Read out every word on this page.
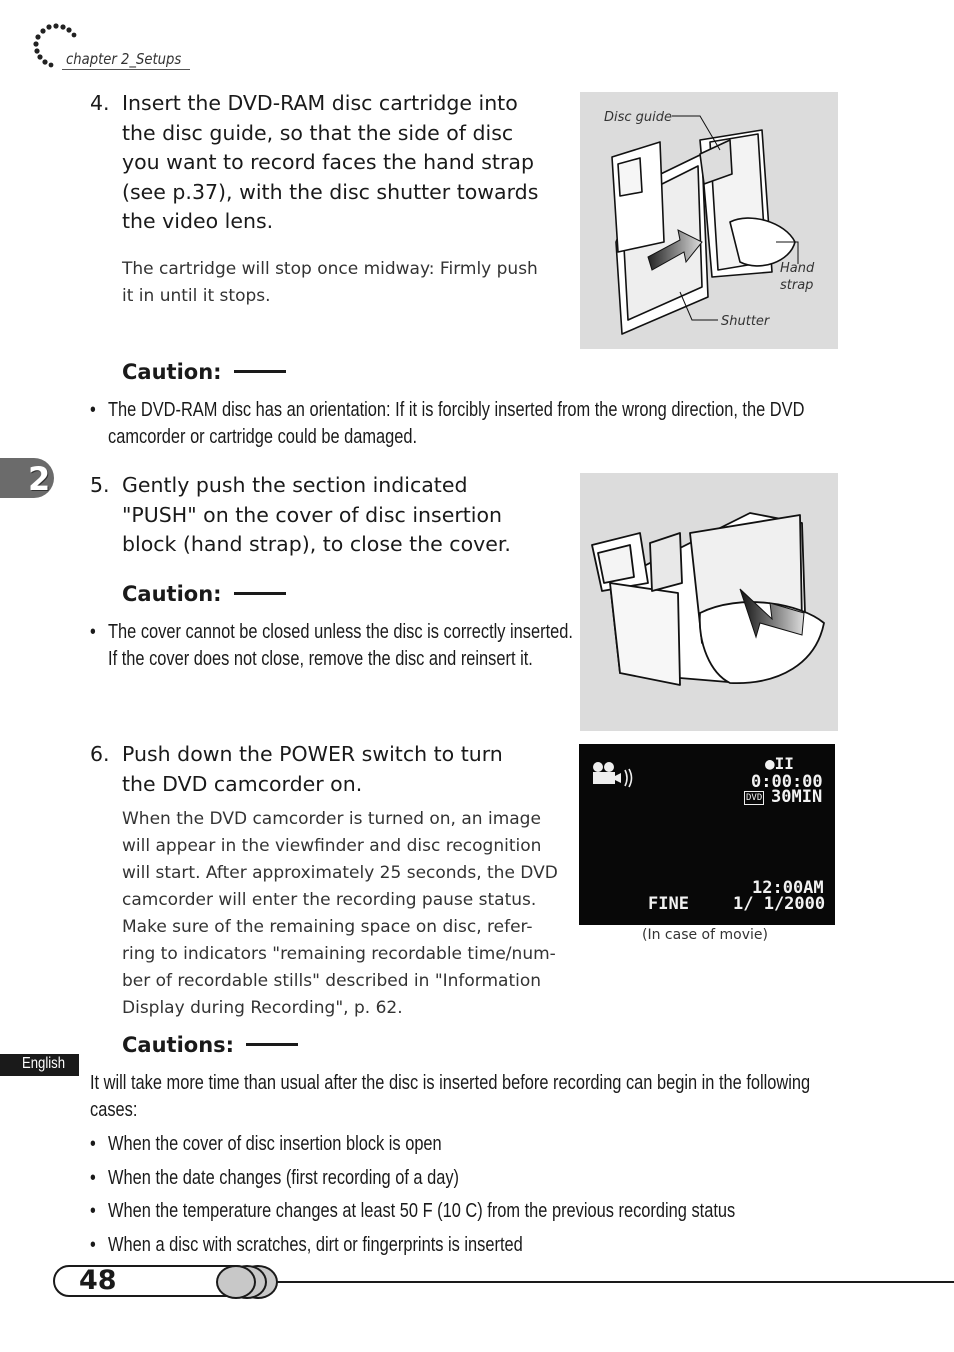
chapter 2_Setups
2
4. Insert the DVD-RAM disc cartridge into
the disc guide, so that the side of disc
you want to record faces the hand strap
(see p.37), with the disc shutter towards
the video lens.
The cartridge will stop once midway: Firmly push
it in until it stops.
Disc guide
Hand
strap
Shutter
Caution:
• The DVD-RAM disc has an orientation: If it is forcibly inserted from the wrong direction, the DVD
camcorder or cartridge could be damaged.
5. Gently push the section indicated
"PUSH" on the cover of disc insertion
block (hand strap), to close the cover.
Caution:
• The cover cannot be closed unless the disc is correctly inserted.
If the cover does not close, remove the disc and reinsert it.
6. Push down the POWER switch to turn
the DVD camcorder on.
When the DVD camcorder is turned on, an image
will appear in the viewfinder and disc recognition
will start. After approximately 25 seconds, the DVD
camcorder will enter the recording pause status.
Make sure of the remaining space on disc, refer-
ring to indicators "remaining recordable time/num-
ber of recordable stills" described in "Information
Display during Recording", p. 62.
●II
0:00:00
DVD 30MIN
FINE
12:00AM
1/ 1/2000
(In case of movie)
English
Cautions:
It will take more time than usual after the disc is inserted before recording can begin in the following
cases:
• When the cover of disc insertion block is open
• When the date changes (first recording of a day)
• When the temperature changes at least 50 F (10 C) from the previous recording status
• When a disc with scratches, dirt or fingerprints is inserted
48
